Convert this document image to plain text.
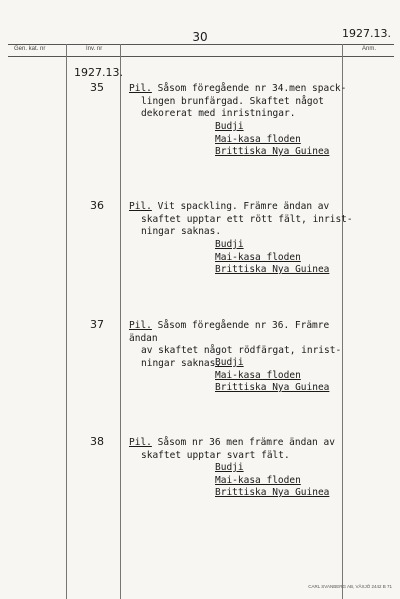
30	1927.13.
Gen. kat. nr	Inv. nr	Anm.
1927.13.
35	Pil. Såsom föregående nr 34.men spack-
lingen brunfärgad. Skaftet något
dekorerat med inristningar.
Budji
Mai-kasa floden
Brittiska Nya Guinea
36	Pil. Vit spackling. Främre ändan av
skaftet upptar ett rött fält, inrist-
ningar saknas.
Budji
Mai-kasa floden
Brittiska Nya Guinea
37	Pil. Såsom föregående nr 36. Främre ändan
av skaftet något rödfärgat, inrist-
ningar saknas.
Budji
Mai-kasa floden
Brittiska Nya Guinea
38	Pil. Såsom nr 36 men främre ändan av
skaftet upptar svart fält.
Budji
Mai-kasa floden
Brittiska Nya Guinea
CARL SVANBERG AB, VÄXJÖ 2442 B 71
